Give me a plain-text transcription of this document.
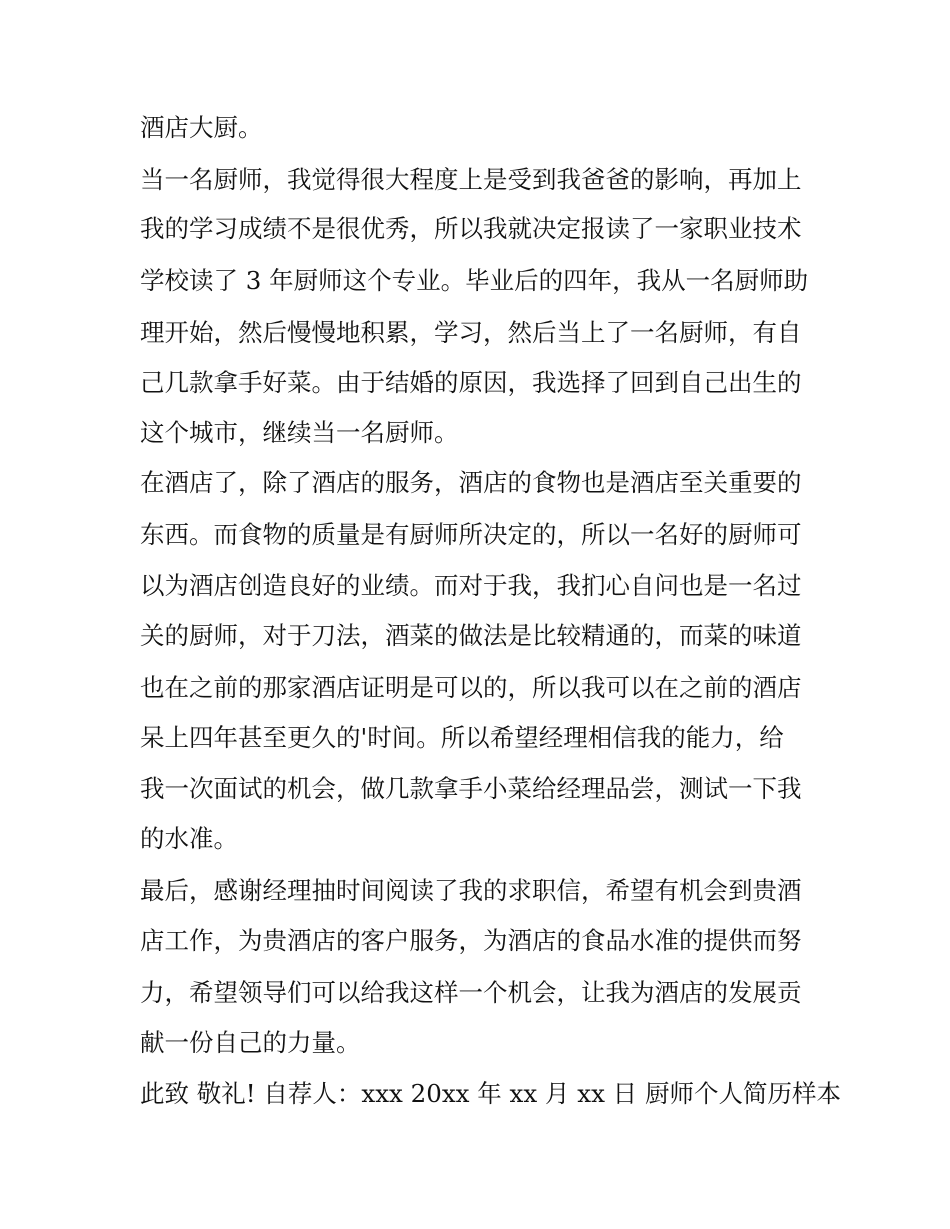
酒店大厨。
当一名厨师，我觉得很大程度上是受到我爸爸的影响，再加上
我的学习成绩不是很优秀，所以我就决定报读了一家职业技术
学校读了 3 年厨师这个专业。毕业后的四年，我从一名厨师助
理开始，然后慢慢地积累，学习，然后当上了一名厨师，有自
己几款拿手好菜。由于结婚的原因，我选择了回到自己出生的
这个城市，继续当一名厨师。
在酒店了，除了酒店的服务，酒店的食物也是酒店至关重要的
东西。而食物的质量是有厨师所决定的，所以一名好的厨师可
以为酒店创造良好的业绩。而对于我，我扪心自问也是一名过
关的厨师，对于刀法，酒菜的做法是比较精通的，而菜的味道
也在之前的那家酒店证明是可以的，所以我可以在之前的酒店
呆上四年甚至更久的'时间。所以希望经理相信我的能力，给
我一次面试的机会，做几款拿手小菜给经理品尝，测试一下我
的水准。
最后，感谢经理抽时间阅读了我的求职信，希望有机会到贵酒
店工作，为贵酒店的客户服务，为酒店的食品水准的提供而努
力，希望领导们可以给我这样一个机会，让我为酒店的发展贡
献一份自己的力量。
此致 敬礼! 自荐人：xxx 20xx 年 xx 月 xx 日 厨师个人简历样本
